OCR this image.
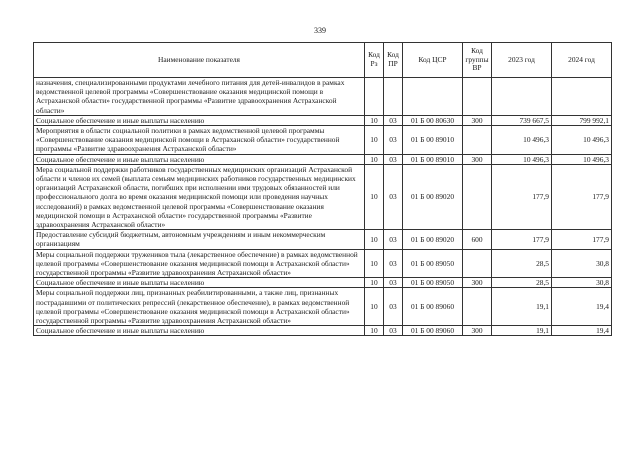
339
Наименование показателя	Код Рз	Код ПР	Код ЦСР	Код группы ВР	2023 год	2024 год
назначения, специализированными продуктами лечебного питания для детей-инвалидов в рамках ведомственной целевой программы «Совершенствование оказания медицинской помощи в Астраханской области» государственной программы «Развитие здравоохранения Астраханской области»						
Социальное обеспечение и иные выплаты населению	10	03	01 Б 00 80630	300	739 667,5	799 992,1
Мероприятия в области социальной политики в рамках ведомственной целевой программы «Совершенствование оказания медицинской помощи в Астраханской области» государственной программы «Развитие здравоохранения Астраханской области»	10	03	01 Б 00 89010		10 496,3	10 496,3
Социальное обеспечение и иные выплаты населению	10	03	01 Б 00 89010	300	10 496,3	10 496,3
Мера социальной поддержки работников государственных медицинских организаций Астраханской области и членов их семей (выплата семьям медицинских работников государственных медицинских организаций Астраханской области, погибших при исполнении ими трудовых обязанностей или профессионального долга во время оказания медицинской помощи или проведения научных исследований) в рамках ведомственной целевой программы «Совершенствование оказания медицинской помощи в Астраханской области» государственной программы «Развитие здравоохранения Астраханской области»	10	03	01 Б 00 89020		177,9	177,9
Предоставление субсидий бюджетным, автономным учреждениям и иным некоммерческим организациям	10	03	01 Б 00 89020	600	177,9	177,9
Меры социальной поддержки тружеников тыла (лекарственное обеспечение) в рамках ведомственной целевой программы «Совершенствование оказания медицинской помощи в Астраханской области» государственной программы «Развитие здравоохранения Астраханской области»	10	03	01 Б 00 89050		28,5	30,8
Социальное обеспечение и иные выплаты населению	10	03	01 Б 00 89050	300	28,5	30,8
Меры социальной поддержки лиц, признанных реабилитированными, а также лиц, признанных пострадавшими от политических репрессий (лекарственное обеспечение), в рамках ведомственной целевой программы «Совершенствование оказания медицинской помощи в Астраханской области» государственной программы «Развитие здравоохранения Астраханской области»	10	03	01 Б 00 89060		19,1	19,4
Социальное обеспечение и иные выплаты населению	10	03	01 Б 00 89060	300	19,1	19,4
